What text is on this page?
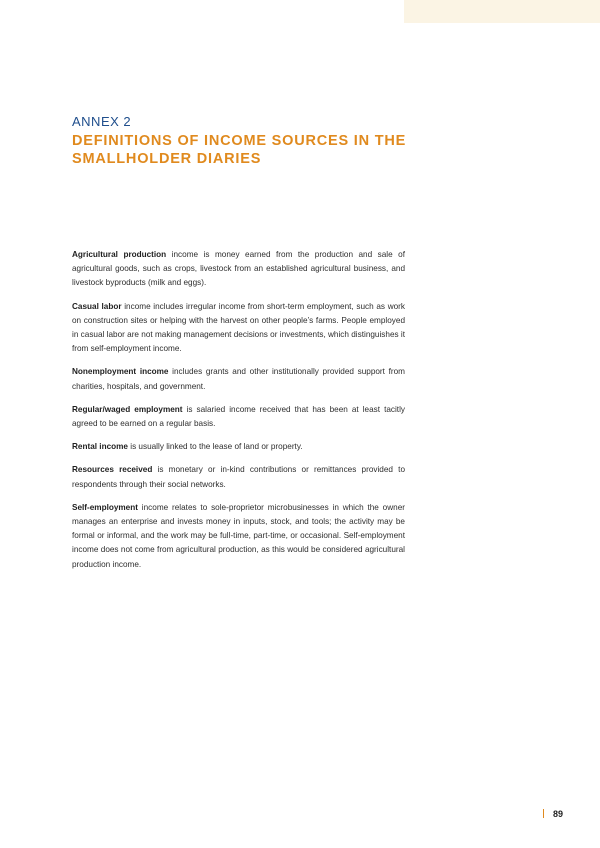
ANNEX 2

DEFINITIONS OF INCOME SOURCES IN THE SMALLHOLDER DIARIES

Agricultural production income is money earned from the production and sale of agricultural goods, such as crops, livestock from an established agricultural business, and livestock byproducts (milk and eggs).

Casual labor income includes irregular income from short-term employment, such as work on construction sites or helping with the harvest on other people’s farms. People employed in casual labor are not making management decisions or investments, which distinguishes it from self-employment income.

Nonemployment income includes grants and other institutionally provided support from charities, hospitals, and government.

Regular/waged employment is salaried income received that has been at least tacitly agreed to be earned on a regular basis.

Rental income is usually linked to the lease of land or property.

Resources received is monetary or in-kind contributions or remittances provided to respondents through their social networks.

Self-employment income relates to sole-proprietor microbusinesses in which the owner manages an enterprise and invests money in inputs, stock, and tools; the activity may be formal or informal, and the work may be full-time, part-time, or occasional. Self-employment income does not come from agricultural production, as this would be considered agricultural production income.

89
